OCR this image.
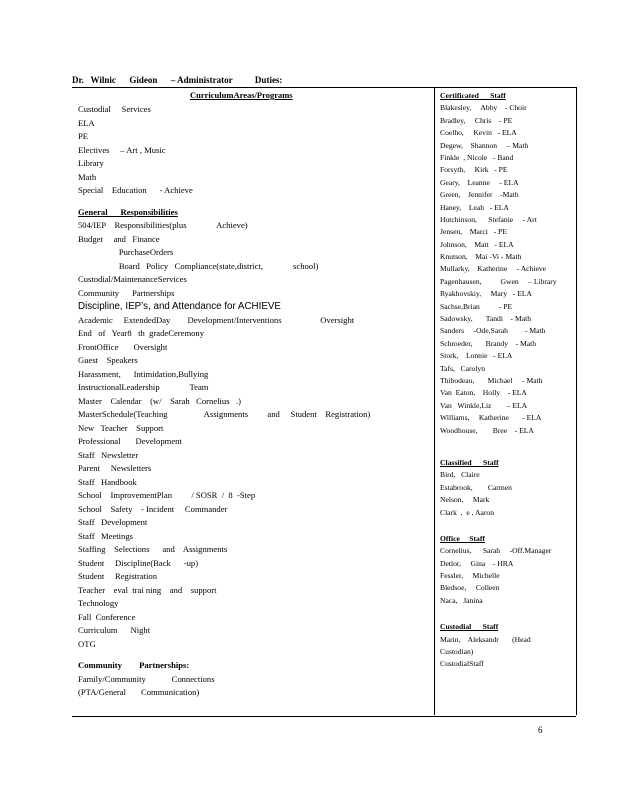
Dr.   Wilnic      Gideon      – Administrator          Duties:
CurriculumAreas/Programs
Custodial     Services
ELA
PE
Electives     – Art , Music
Library
Math
Special    Education      - Achieve
General      Responsibilities
504/IEP    Responsibilities(plus              Achieve)
Budget     and   Finance
PurchaseOrders
Board   Policy   Compliance(state,district,              school)
Custodial/MaintenanceServices
Community      Partnerships
Discipline, IEP’s, and Attendance for ACHIEVE
Academic     ExtendedDay        Development/Interventions                  Oversight
End   of   Year8   th  gradeCeremony
FrontOffice       Oversight
Guest    Speakers
Harassment,      Intimidation,Bullying
InstructionalLeadership              Team
Master    Calendar    (w/    Sarah   Cornelius   .)
MasterSchedule(Teaching                 Assignments         and     Student    Registration)
New   Teacher    Support
Professional       Development
Staff   Newsletter
Parent     Newsletters
Staff   Handbook
School    ImprovementPlan         / SOSR  /  8  -Step
School    Safety    - Incident     Commander
Staff   Development
Staff   Meetings
Staffing    Selections      and    Assignments
Student     Discipline(Back      -up)
Student     Registration
Teacher    eval  trai ning    and    support
Technology
Fall  Conference
Curriculum      Night
OTG
Community        Partnerships:
Family/Community            Connections
(PTA/General       Communication)
Certificated      Staff
Blakesley,     Abby    - Choir
Bradley,     Chris    - PE
Coelho,     Kevin   - ELA
Degew,    Shannon     – Math
Finkle  , Nicole   - Band
Forsyth,     Kirk   - PE
Geary,    Leanne     - ELA
Green,    Jennifer    -Math
Haney,    Leah   - ELA
Hutchinson,      Stefanie     - Art
Jensen,    Marci   - PE
Johnson,    Matt   - ELA
Knutson,    Mai -Vi - Math
Mullarky,    Katherine     - Achieve
Pagenhausen,          Gwen     – Library
Ryakhovskiy,     Mary   - ELA
Sachse,Brian          - PE
Sadowsky,       Tandi    - Math
Sanders     -Ode,Sarah         - Math
Schroeder,       Brandy    - Math
Stork,    Lonnie   - ELA
Tafs,   Carolyn
Thibodeau,       Michael     - Math
Van  Eaton,    Holly    - ELA
Van   Winkle,Liz        – ELA
Williams,     Katherine       - ELA
Woodhouse,        Bree    - ELA
Classified      Staff
Bird,   Claire
Estabrook,        Carmen
Nelson,     Mark
Clark  ,  e , Aaron
Office     Staff
Cornelius,      Sarah     -Off.Manager
Detlor,     Gina    - HRA
Fessler,     Michelle
Bledsoe,     Colleen
Naca,   Janina
Custodial      Staff
Marin,    Aleksandr       (Head
Custodian)
CustodialStaff
6
